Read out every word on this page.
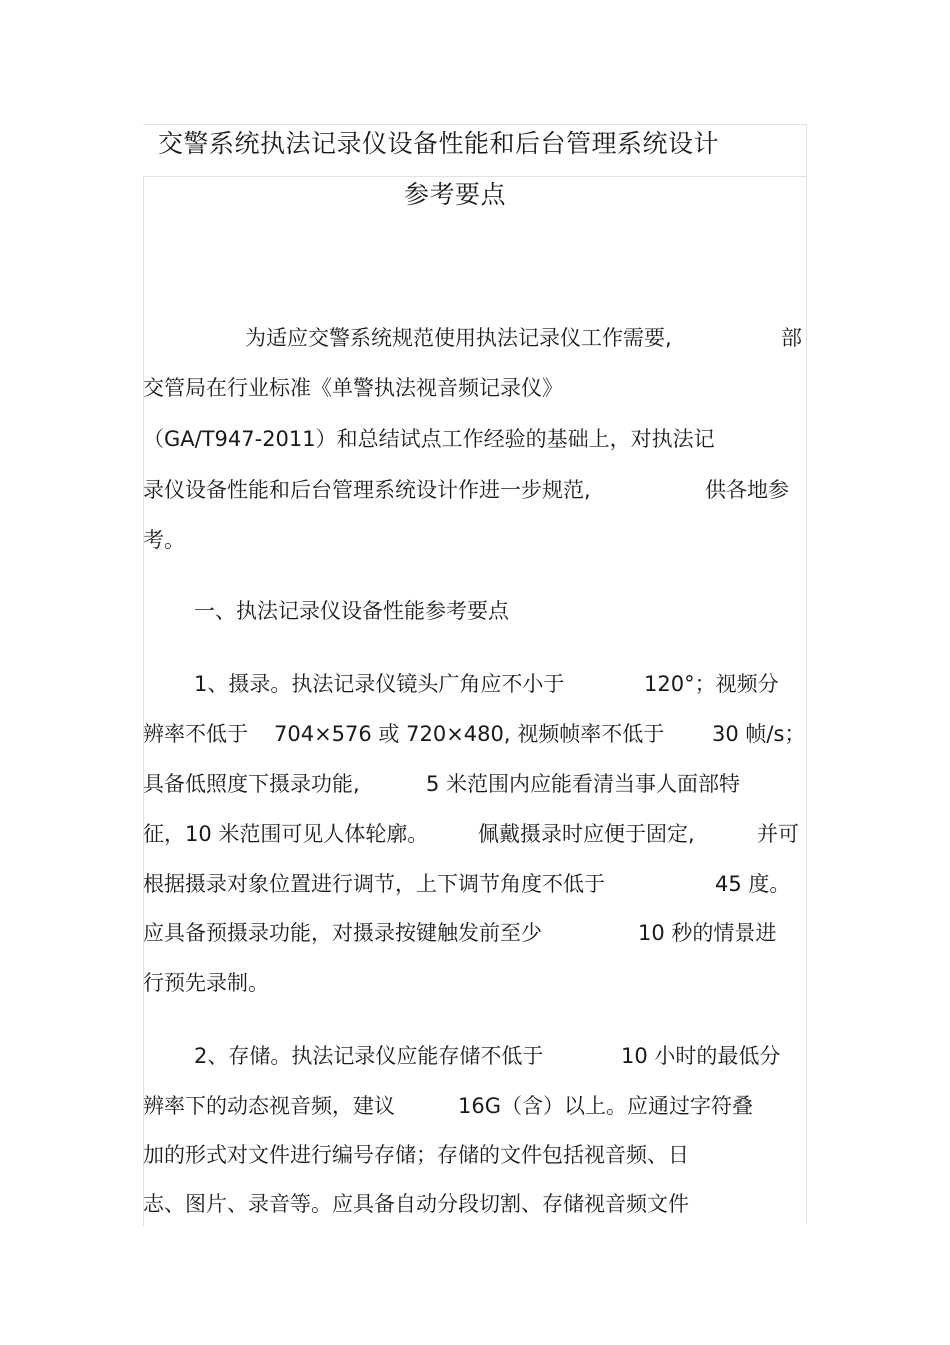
交警系统执法记录仪设备性能和后台管理系统设计
参考要点
为适应交警系统规范使用执法记录仪工作需要,	部
交管局在行业标准《单警执法视音频记录仪》
（GA/T947-2011）和总结试点工作经验的基础上，对执法记
录仪设备性能和后台管理系统设计作进一步规范,	供各地参
考。
一、执法记录仪设备性能参考要点
1、摄录。执法记录仪镜头广角应不小于	120°；视频分
辨率不低于 704×576 或 720×480, 视频帧率不低于 30 帧/s；
具备低照度下摄录功能,	5 米范围内应能看清当事人面部特
征，10 米范围可见人体轮廓。 佩戴摄录时应便于固定,	并可
根据摄录对象位置进行调节，上下调节角度不低于	45 度。
应具备预摄录功能，对摄录按键触发前至少	10 秒的情景进
行预先录制。
2、存储。执法记录仪应能存储不低于	10 小时的最低分
辨率下的动态视音频，建议	16G（含）以上。应通过字符叠
加的形式对文件进行编号存储；存储的文件包括视音频、日
志、图片、录音等。应具备自动分段切割、存储视音频文件
